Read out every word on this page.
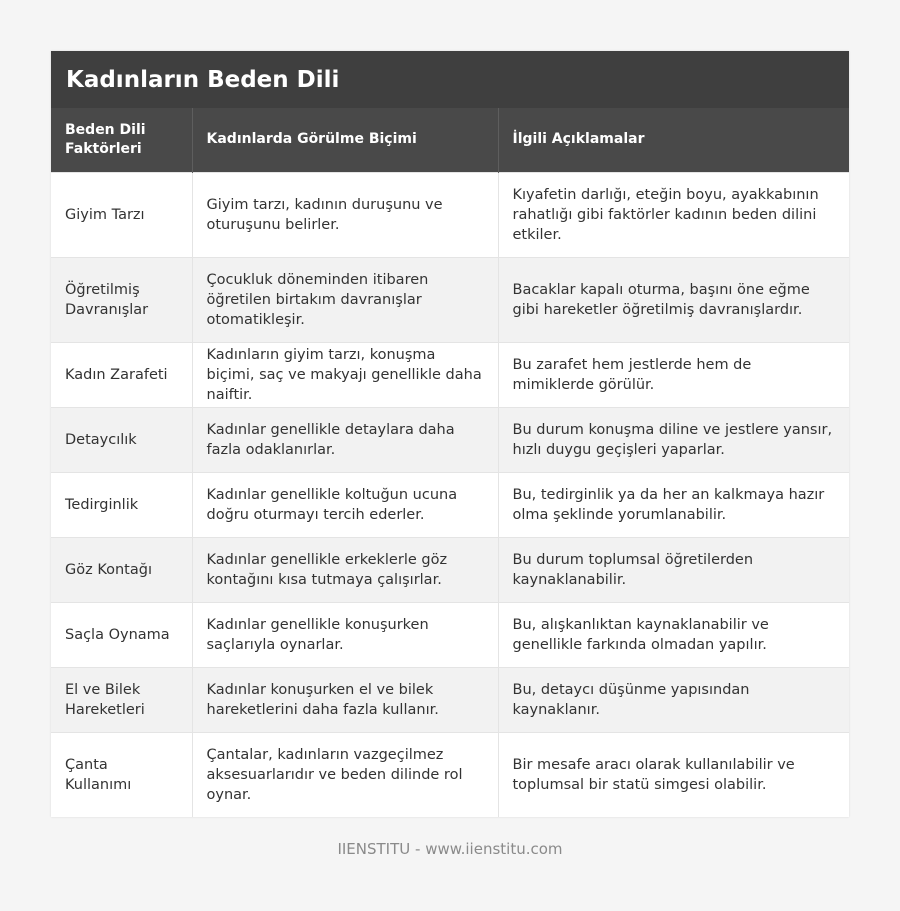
Kadınların Beden Dili
Beden Dili Faktörleri	Kadınlarda Görülme Biçimi	İlgili Açıklamalar
Giyim Tarzı	Giyim tarzı, kadının duruşunu ve oturuşunu belirler.	Kıyafetin darlığı, eteğin boyu, ayakkabının rahatlığı gibi faktörler kadının beden dilini etkiler.
Öğretilmiş Davranışlar	Çocukluk döneminden itibaren öğretilen birtakım davranışlar otomatikleşir.	Bacaklar kapalı oturma, başını öne eğme gibi hareketler öğretilmiş davranışlardır.
Kadın Zarafeti	Kadınların giyim tarzı, konuşma biçimi, saç ve makyajı genellikle daha naiftir.	Bu zarafet hem jestlerde hem de mimiklerde görülür.
Detaycılık	Kadınlar genellikle detaylara daha fazla odaklanırlar.	Bu durum konuşma diline ve jestlere yansır, hızlı duygu geçişleri yaparlar.
Tedirginlik	Kadınlar genellikle koltuğun ucuna doğru oturmayı tercih ederler.	Bu, tedirginlik ya da her an kalkmaya hazır olma şeklinde yorumlanabilir.
Göz Kontağı	Kadınlar genellikle erkeklerle göz kontağını kısa tutmaya çalışırlar.	Bu durum toplumsal öğretilerden kaynaklanabilir.
Saçla Oynama	Kadınlar genellikle konuşurken saçlarıyla oynarlar.	Bu, alışkanlıktan kaynaklanabilir ve genellikle farkında olmadan yapılır.
El ve Bilek Hareketleri	Kadınlar konuşurken el ve bilek hareketlerini daha fazla kullanır.	Bu, detaycı düşünme yapısından kaynaklanır.
Çanta Kullanımı	Çantalar, kadınların vazgeçilmez aksesuarlarıdır ve beden dilinde rol oynar.	Bir mesafe aracı olarak kullanılabilir ve toplumsal bir statü simgesi olabilir.
IIENSTITU - www.iienstitu.com
